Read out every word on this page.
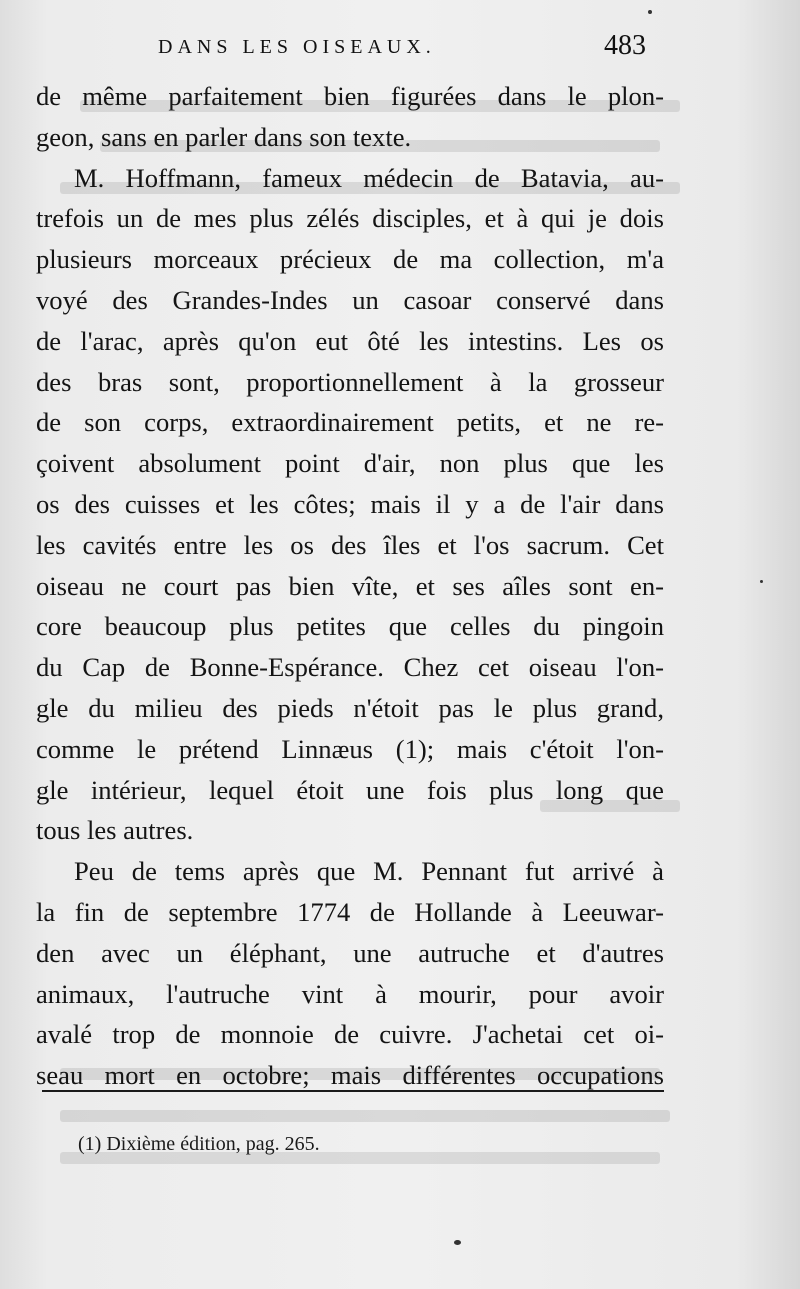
DANS LES OISEAUX.	483
de même parfaitement bien figurées dans le plon-
geon, sans en parler dans son texte.
M. Hoffmann, fameux médecin de Batavia, au-
trefois un de mes plus zélés disciples, et à qui je dois
plusieurs morceaux précieux de ma collection, m'a
voyé des Grandes-Indes un casoar conservé dans
de l'arac, après qu'on eut ôté les intestins. Les os
des bras sont, proportionnellement à la grosseur
de son corps, extraordinairement petits, et ne re-
çoivent absolument point d'air, non plus que les
os des cuisses et les côtes; mais il y a de l'air dans
les cavités entre les os des îles et l'os sacrum. Cet
oiseau ne court pas bien vîte, et ses aîles sont en-
core beaucoup plus petites que celles du pingoin
du Cap de Bonne-Espérance. Chez cet oiseau l'on-
gle du milieu des pieds n'étoit pas le plus grand,
comme le prétend Linnæus (1); mais c'étoit l'on-
gle intérieur, lequel étoit une fois plus long que
tous les autres.
Peu de tems après que M. Pennant fut arrivé à
la fin de septembre 1774 de Hollande à Leeuwar-
den avec un éléphant, une autruche et d'autres
animaux, l'autruche vint à mourir, pour avoir
avalé trop de monnoie de cuivre. J'achetai cet oi-
seau mort en octobre; mais différentes occupations
(1) Dixième édition, pag. 265.
